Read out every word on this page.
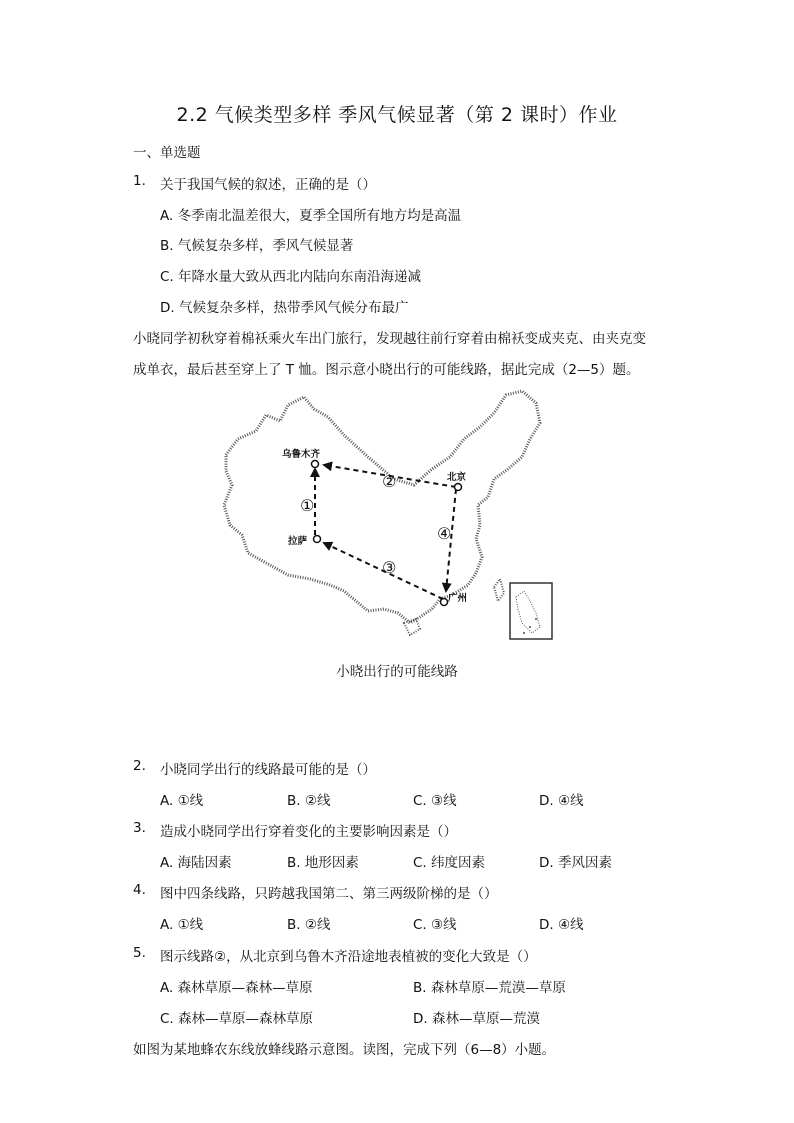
2.2 气候类型多样 季风气候显著（第 2 课时）作业
一、单选题
1. 关于我国气候的叙述，正确的是（）
A. 冬季南北温差很大，夏季全国所有地方均是高温
B. 气候复杂多样，季风气候显著
C. 年降水量大致从西北内陆向东南沿海递减
D. 气候复杂多样，热带季风气候分布最广
小晓同学初秋穿着棉袄乘火车出门旅行，发现越往前行穿着由棉袄变成夹克、由夹克变
成单衣，最后甚至穿上了 T 恤。图示意小晓出行的可能线路，据此完成（2—5）题。
乌鲁木齐
北京
拉萨
广州
①
②
③
④
小晓出行的可能线路
2. 小晓同学出行的线路最可能的是（）
A. ①线	B. ②线	C. ③线	D. ④线
3. 造成小晓同学出行穿着变化的主要影响因素是（）
A. 海陆因素	B. 地形因素	C. 纬度因素	D. 季风因素
4. 图中四条线路，只跨越我国第二、第三两级阶梯的是（）
A. ①线	B. ②线	C. ③线	D. ④线
5. 图示线路②，从北京到乌鲁木齐沿途地表植被的变化大致是（）
A. 森林草原—森林—草原	B. 森林草原—荒漠—草原
C. 森林—草原—森林草原	D. 森林—草原—荒漠
如图为某地蜂农东线放蜂线路示意图。读图，完成下列（6—8）小题。
